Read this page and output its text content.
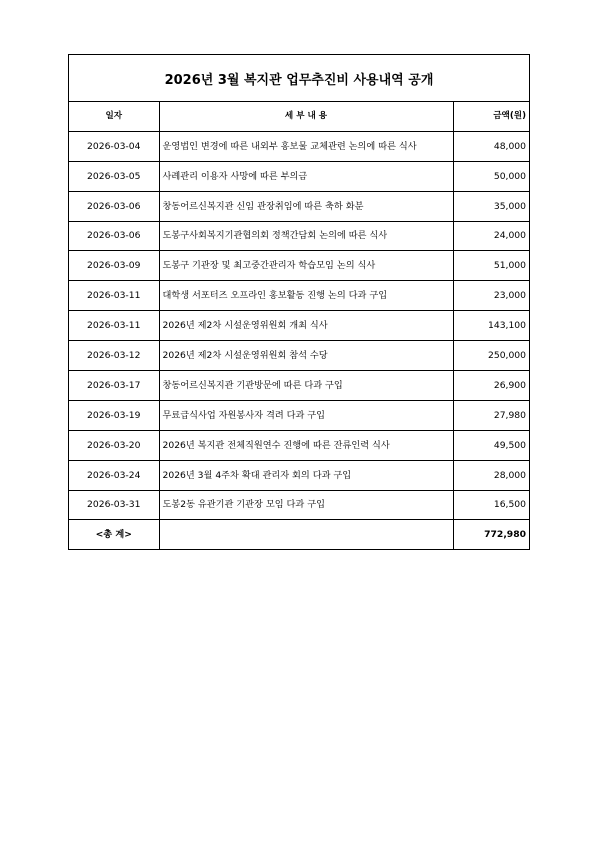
2026년 3월 복지관 업무추진비 사용내역 공개
일자	세 부 내 용	금액(원)
2026-03-04	운영법인 변경에 따른 내외부 홍보물 교체관련 논의에 따른 식사	48,000
2026-03-05	사례관리 이용자 사망에 따른 부의금	50,000
2026-03-06	창동어르신복지관 신임 관장취임에 따른 축하 화분	35,000
2026-03-06	도봉구사회복지기관협의회 정책간담회 논의에 따른 식사	24,000
2026-03-09	도봉구 기관장 및 최고중간관리자 학습모임 논의 식사	51,000
2026-03-11	대학생 서포터즈 오프라인 홍보활동 진행 논의 다과 구입	23,000
2026-03-11	2026년 제2차 시설운영위원회 개최 식사	143,100
2026-03-12	2026년 제2차 시설운영위원회 참석 수당	250,000
2026-03-17	창동어르신복지관 기관방문에 따른 다과 구입	26,900
2026-03-19	무료급식사업 자원봉사자 격려 다과 구입	27,980
2026-03-20	2026년 복지관 전체직원연수 진행에 따른 잔류인력 식사	49,500
2026-03-24	2026년 3월 4주차 확대 관리자 회의 다과 구입	28,000
2026-03-31	도봉2동 유관기관 기관장 모임 다과 구입	16,500
<총 계>		772,980
